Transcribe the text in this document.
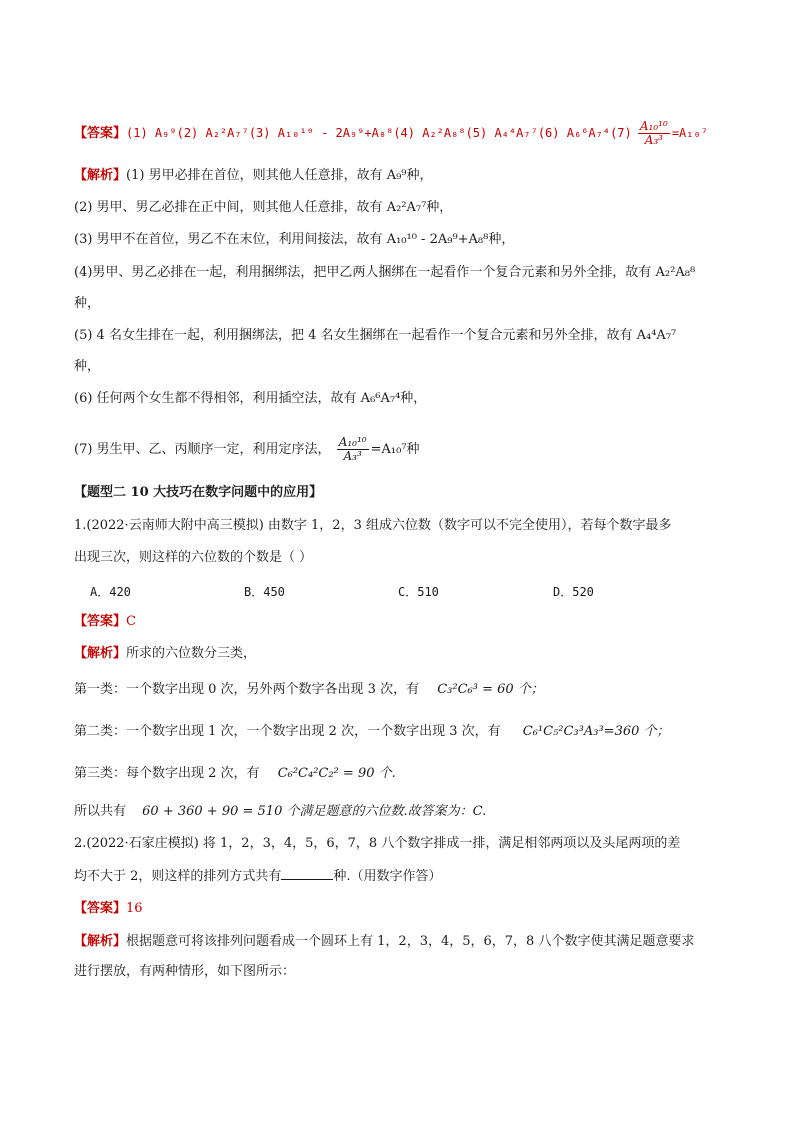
【答案】(1) A₉⁹(2) A₂²A₇⁷(3) A₁₀¹⁰ - 2A₉⁹+A₈⁸(4) A₂²A₈⁸(5) A₄⁴A₇⁷(6) $A_6^6A_7^4(7) \frac{\text{A₁₀¹⁰}}{\text{A₃³}} =A_{10}^7$
【解析】(1) 男甲必排在首位，则其他人任意排，故有 A₉⁹种，
(2) 男甲、男乙必排在正中间，则其他人任意排，故有 A₂²A₇⁷种，
(3) 男甲不在首位，男乙不在末位，利用间接法，故有 A₁₀¹⁰ - 2A₉⁹+A₈⁸种，
(4)男甲、男乙必排在一起，利用捆绑法，把甲乙两人捆绑在一起看作一个复合元素和另外全排，故有 A₂²A₈⁸
种，
(5) 4 名女生排在一起，利用捆绑法，把 4 名女生捆绑在一起看作一个复合元素和另外全排，故有 A₄⁴A₇⁷
种，
(6) 任何两个女生都不得相邻，利用插空法，故有 A₆⁶A₇⁴种，
(7) 男生甲、乙、丙顺序一定，利用定序法， $\frac{\text{A₁₀¹⁰}}{\text{A₃³}} =A_{10}^7$种
【题型二 10 大技巧在数字问题中的应用】
1.(2022·云南师大附中高三模拟) 由数字 1，2，3 组成六位数（数字可以不完全使用），若每个数字最多
出现三次，则这样的六位数的个数是（ ）
A．420	B．450	C．510	D．520
【答案】C
【解析】所求的六位数分三类，
第一类：一个数字出现 0 次，另外两个数字各出现 3 次，有 C₃²C₆³ = 60 个；
第二类：一个数字出现 1 次，一个数字出现 2 次，一个数字出现 3 次，有 C₆¹C₅²C₃³A₃³=360 个；
第三类：每个数字出现 2 次，有 C₆²C₄²C₂² = 90 个.
所以共有 60 + 360 + 90 = 510 个满足题意的六位数.故答案为：C.
2.(2022·石家庄模拟) 将 1，2，3，4，5，6，7，8 八个数字排成一排，满足相邻两项以及头尾两项的差
均不大于 2，则这样的排列方式共有	种.（用数字作答）
【答案】16
【解析】根据题意可将该排列问题看成一个圆环上有 1，2，3，4，5，6，7，8 八个数字使其满足题意要求
进行摆放，有两种情形，如下图所示：
